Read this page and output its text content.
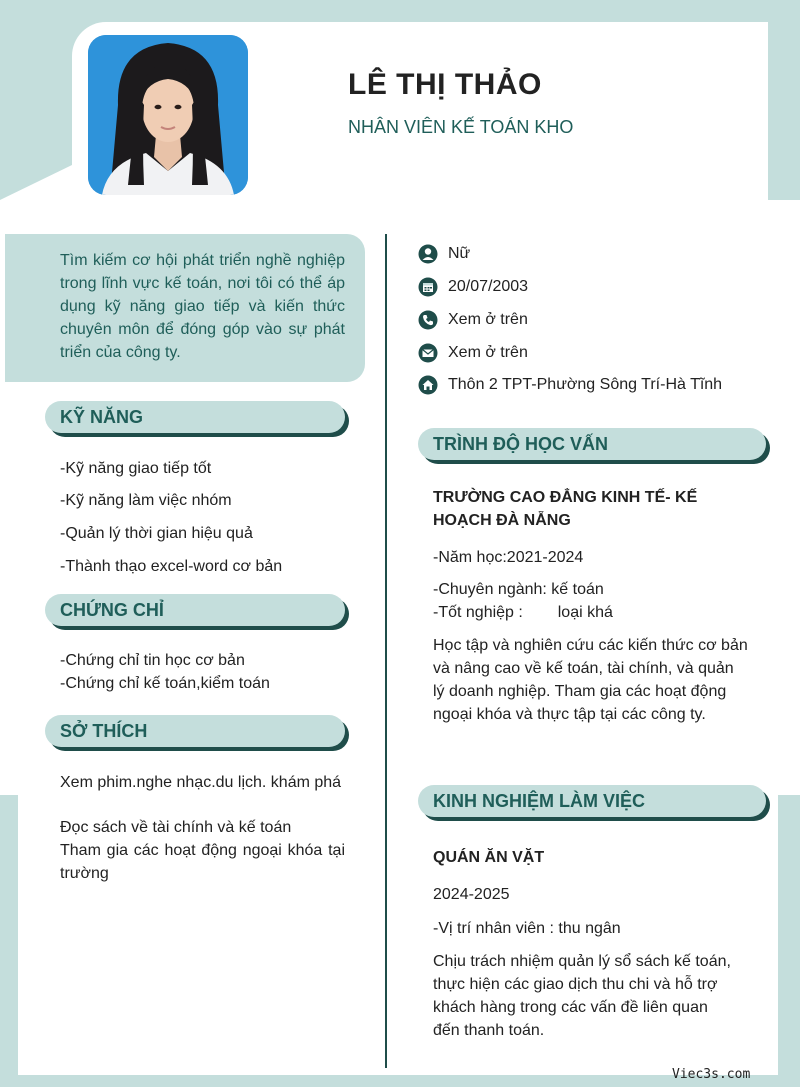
LÊ THỊ THẢO
NHÂN VIÊN KẾ TOÁN KHO
Tìm kiếm cơ hội phát triển nghề nghiệp trong lĩnh vực kế toán, nơi tôi có thể áp dụng kỹ năng giao tiếp và kiến thức chuyên môn để đóng góp vào sự phát triển của công ty.
KỸ NĂNG
-Kỹ năng giao tiếp tốt
-Kỹ năng làm việc nhóm
-Quản lý thời gian hiệu quả
-Thành thạo excel-word cơ bản
CHỨNG CHỈ
-Chứng chỉ tin học cơ bản
-Chứng chỉ kế toán,kiểm toán
SỞ THÍCH
Xem phim.nghe nhạc.du lịch. khám phá
Đọc sách về tài chính và kế toán
Tham gia các hoạt động ngoại khóa tại trường
Nữ
20/07/2003
Xem ở trên
Xem ở trên
Thôn 2 TPT-Phường Sông Trí-Hà Tĩnh
TRÌNH ĐỘ HỌC VẤN
TRƯỜNG CAO ĐẲNG KINH TẾ- KẾ HOẠCH ĐÀ NẴNG
-Năm học:2021-2024
-Chuyên ngành: kế toán
-Tốt nghiệp : loại khá
Học tập và nghiên cứu các kiến thức cơ bản và nâng cao về kế toán, tài chính, và quản lý doanh nghiệp. Tham gia các hoạt động ngoại khóa và thực tập tại các công ty.
KINH NGHIỆM LÀM VIỆC
QUÁN ĂN VẶT
2024-2025
-Vị trí nhân viên : thu ngân
Chịu trách nhiệm quản lý sổ sách kế toán, thực hiện các giao dịch thu chi và hỗ trợ khách hàng trong các vấn đề liên quan đến thanh toán.
Viec3s.com
